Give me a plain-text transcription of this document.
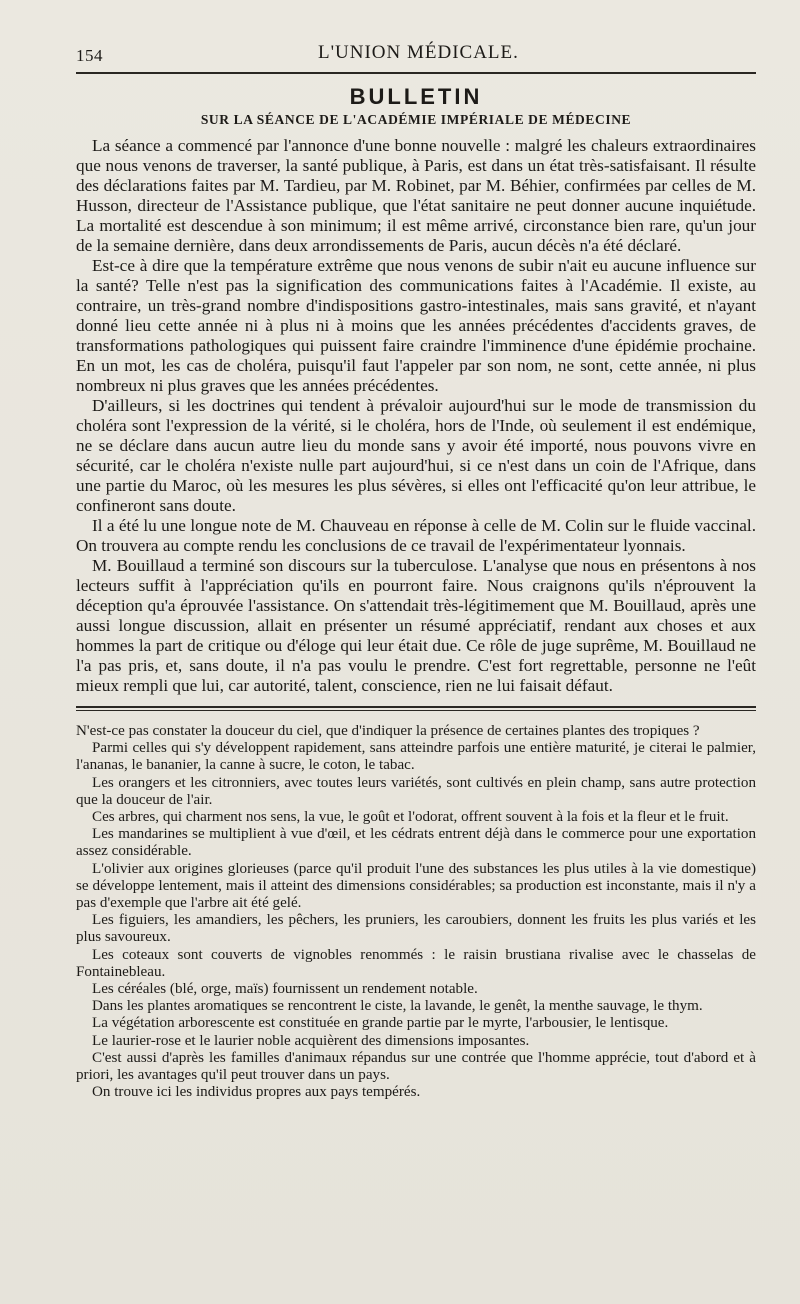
154	L'UNION MÉDICALE.
BULLETIN
SUR LA SÉANCE DE L'ACADÉMIE IMPÉRIALE DE MÉDECINE

La séance a commencé par l'annonce d'une bonne nouvelle : malgré les chaleurs extraordinaires que nous venons de traverser, la santé publique, à Paris, est dans un état très-satisfaisant. Il résulte des déclarations faites par M. Tardieu, par M. Robinet, par M. Béhier, confirmées par celles de M. Husson, directeur de l'Assistance publique, que l'état sanitaire ne peut donner aucune inquiétude. La mortalité est descendue à son minimum; il est même arrivé, circonstance bien rare, qu'un jour de la semaine dernière, dans deux arrondissements de Paris, aucun décès n'a été déclaré.

Est-ce à dire que la température extrême que nous venons de subir n'ait eu aucune influence sur la santé? Telle n'est pas la signification des communications faites à l'Académie. Il existe, au contraire, un très-grand nombre d'indispositions gastro-intestinales, mais sans gravité, et n'ayant donné lieu cette année ni à plus ni à moins que les années précédentes d'accidents graves, de transformations pathologiques qui puissent faire craindre l'imminence d'une épidémie prochaine. En un mot, les cas de choléra, puisqu'il faut l'appeler par son nom, ne sont, cette année, ni plus nombreux ni plus graves que les années précédentes.

D'ailleurs, si les doctrines qui tendent à prévaloir aujourd'hui sur le mode de transmission du choléra sont l'expression de la vérité, si le choléra, hors de l'Inde, où seulement il est endémique, ne se déclare dans aucun autre lieu du monde sans y avoir été importé, nous pouvons vivre en sécurité, car le choléra n'existe nulle part aujourd'hui, si ce n'est dans un coin de l'Afrique, dans une partie du Maroc, où les mesures les plus sévères, si elles ont l'efficacité qu'on leur attribue, le confineront sans doute.

Il a été lu une longue note de M. Chauveau en réponse à celle de M. Colin sur le fluide vaccinal. On trouvera au compte rendu les conclusions de ce travail de l'expérimentateur lyonnais.

M. Bouillaud a terminé son discours sur la tuberculose. L'analyse que nous en présentons à nos lecteurs suffit à l'appréciation qu'ils en pourront faire. Nous craignons qu'ils n'éprouvent la déception qu'a éprouvée l'assistance. On s'attendait très-légitimement que M. Bouillaud, après une aussi longue discussion, allait en présenter un résumé appréciatif, rendant aux choses et aux hommes la part de critique ou d'éloge qui leur était due. Ce rôle de juge suprême, M. Bouillaud ne l'a pas pris, et, sans doute, il n'a pas voulu le prendre. C'est fort regrettable, personne ne l'eût mieux rempli que lui, car autorité, talent, conscience, rien ne lui faisait défaut.

N'est-ce pas constater la douceur du ciel, que d'indiquer la présence de certaines plantes des tropiques ?

Parmi celles qui s'y développent rapidement, sans atteindre parfois une entière maturité, je citerai le palmier, l'ananas, le bananier, la canne à sucre, le coton, le tabac.

Les orangers et les citronniers, avec toutes leurs variétés, sont cultivés en plein champ, sans autre protection que la douceur de l'air.

Ces arbres, qui charment nos sens, la vue, le goût et l'odorat, offrent souvent à la fois et la fleur et le fruit.

Les mandarines se multiplient à vue d'œil, et les cédrats entrent déjà dans le commerce pour une exportation assez considérable.

L'olivier aux origines glorieuses (parce qu'il produit l'une des substances les plus utiles à la vie domestique) se développe lentement, mais il atteint des dimensions considérables; sa production est inconstante, mais il n'y a pas d'exemple que l'arbre ait été gelé.

Les figuiers, les amandiers, les pêchers, les pruniers, les caroubiers, donnent les fruits les plus variés et les plus savoureux.

Les coteaux sont couverts de vignobles renommés : le raisin brustiana rivalise avec le chasselas de Fontainebleau.

Les céréales (blé, orge, maïs) fournissent un rendement notable.

Dans les plantes aromatiques se rencontrent le ciste, la lavande, le genêt, la menthe sauvage, le thym.

La végétation arborescente est constituée en grande partie par le myrte, l'arbousier, le lentisque.

Le laurier-rose et le laurier noble acquièrent des dimensions imposantes.

C'est aussi d'après les familles d'animaux répandus sur une contrée que l'homme apprécie, tout d'abord et à priori, les avantages qu'il peut trouver dans un pays.

On trouve ici les individus propres aux pays tempérés.
